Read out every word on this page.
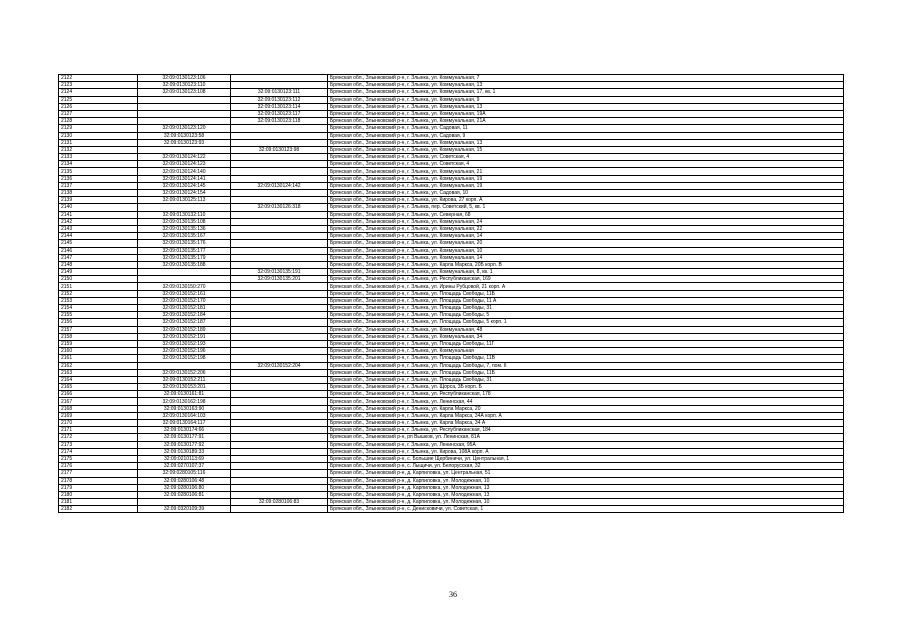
2122	32:09:0130123:106		Брянская обл., Злынковский р-н, г. Злынка, ул. Коммунальная, 7
2123	32:09:0130123:110		Брянская обл., Злынковский р-н, г. Злынка, ул. Коммунальная, 13
2124	32:09:0130123:108	32:09:0130123:111	Брянская обл., Злынковский р-н, г. Злынка, ул. Коммунальная, 17, кв. 1
2125		32:09:0130123:112	Брянская обл., Злынковский р-н, г. Злынка, ул. Коммунальная, 9
2126		32:09:0130123:114	Брянская обл., Злынковский р-н, г. Злынка, ул. Коммунальная, 13
2127		32:09:0130123:117	Брянская обл., Злынковский р-н, г. Злынка, ул. Коммунальная, 19А
2128		32:09:0130123:118	Брянская обл., Злынковский р-н, г. Злынка, ул. Коммунальная, 21А
2129	32:09:0130123:120		Брянская обл., Злынковский р-н, г. Злынка, ул. Садовая, 11
2130	32:09:0130123:58		Брянская обл., Злынковский р-н, г. Злынка, ул. Садовая, 9
2131	32:09:0130123:93		Брянская обл., Злынковский р-н, г. Злынка, ул. Коммунальная, 13
2132		32:09:0130123:98	Брянская обл., Злынковский р-н, г. Злынка, ул. Коммунальная, 15
2133	32:09:0130124:122		Брянская обл., Злынковский р-н, г. Злынка, ул. Советская, 4
2134	32:09:0130124:123		Брянская обл., Злынковский р-н, г. Злынка, ул. Советская, 4
2135	32:09:0130124:140		Брянская обл., Злынковский р-н, г. Злынка, ул. Коммунальная, 21
2136	32:09:0130124:141		Брянская обл., Злынковский р-н, г. Злынка, ул. Коммунальная, 19
2137	32:09:0130124:145	32:09:0130124:142	Брянская обл., Злынковский р-н, г. Злынка, ул. Коммунальная, 19
2138	32:09:0130124:154		Брянская обл., Злынковский р-н, г. Злынка, ул. Садовая, 10
2139	32:09:0130125:113		Брянская обл., Злынковский р-н, г. Злынка, ул. Кирова, 27 корп. А
2140		32:09:0130126:318	Брянская обл., Злынковский р-н, г. Злынка, пер. Советский, 5, кв. 1
2141	32:09:0130132:110		Брянская обл., Злынковский р-н, г. Злынка, ул. Северная, 68
2142	32:09:0130135:108		Брянская обл., Злынковский р-н, г. Злынка, ул. Коммунальная, 24
2143	32:09:0130135:136		Брянская обл., Злынковский р-н, г. Злынка, ул. Коммунальная, 22
2144	32:09:0130135:167		Брянская обл., Злынковский р-н, г. Злынка, ул. Коммунальная, 14
2145	32:09:0130135:176		Брянская обл., Злынковский р-н, г. Злынка, ул. Коммунальная, 20
2146	32:09:0130135:177		Брянская обл., Злынковский р-н, г. Злынка, ул. Коммунальная, 10
2147	32:09:0130135:179		Брянская обл., Злынковский р-н, г. Злынка, ул. Коммунальная, 14
2148	32:09:0130135:188		Брянская обл., Злынковский р-н, г. Злынка, ул. Карла Маркса, 20Б корп. В
2149		32:09:0130135:191	Брянская обл., Злынковский р-н, г. Злынка, ул. Коммунальная, 8, кв. 1
2150		32:09:0130135:201	Брянская обл., Злынковский р-н, г. Злынка, ул. Республиканская, 169
2151	32:09:0130150:270		Брянская обл., Злынковский р-н, г. Злынка, ул. Ирины Рубцовой, 21 корп. А
2152	32:09:0130152:161		Брянская обл., Злынковский р-н, г. Злынка, ул. Площадь Свободы, 11Б
2153	32:09:0130152:170		Брянская обл., Злынковский р-н, г. Злынка, ул. Площадь Свободы, 11 А
2154	32:09:0130152:181		Брянская обл., Злынковский р-н, г. Злынка, ул. Площадь Свободы, 31
2155	32:09:0130152:184		Брянская обл., Злынковский р-н, г. Злынка, ул. Площадь Свободы, 5
2156	32:09:0130152:187		Брянская обл., Злынковский р-н, г. Злынка, ул. Площадь Свободы, 5 корп. 1
2157	32:09:0130152:189		Брянская обл., Злынковский р-н, г. Злынка, ул. Коммунальная, 48
2158	32:09:0130152:191		Брянская обл., Злынковский р-н, г. Злынка, ул. Коммунальная, 34
2159	32:09:0130152:193		Брянская обл., Злынковский р-н, г. Злынка, ул. Площадь Свободы, 11Г
2160	32:09:0130152:196		Брянская обл., Злынковский р-н, г. Злынка, ул. Коммунальная
2161	32:09:0130152:198		Брянская обл., Злынковский р-н, г. Злынка, ул. Площадь Свободы, 11В
2162		32:09:0130152:204	Брянская обл., Злынковский р-н, г. Злынка, ул. Площадь Свободы, 7, пом. II
2163	32:09:0130152:206		Брянская обл., Злынковский р-н, г. Злынка, ул. Площадь Свободы, 11Б
2164	32:09:0130152:211		Брянская обл., Злынковский р-н, г. Злынка, ул. Площадь Свободы, 31
2165	32:09:0130153:201		Брянская обл., Злынковский р-н, г. Злынка, ул. Щорса, 3Б корп. Б
2166	32:09:0130161:81		Брянская обл., Злынковский р-н, г. Злынка, ул. Республиканская, 178
2167	32:09:0130162:198		Брянская обл., Злынковский р-н, г. Злынка, ул. Ленинская, 44
2168	32:09:0130163:90		Брянская обл., Злынковский р-н, г. Злынка, ул. Карла Маркса, 20
2169	32:09:0130164:103		Брянская обл., Злынковский р-н, г. Злынка, ул. Карла Маркса, 34А корп. А
2170	32:09:0130164:117		Брянская обл., Злынковский р-н, г. Злынка, ул. Карла Маркса, 34 А
2171	32:09:0130174:66		Брянская обл., Злынковский р-н, г. Злынка, ул. Республиканская, 184
2172	32:09:0130177:91		Брянская обл., Злынковский р-н, рп Вышков, ул. Ленинская, 81А
2173	32:09:0130177:92		Брянская обл., Злынковский р-н, г. Злынка, ул. Ленинская, 95А
2174	32:09:0130189:33		Брянская обл., Злынковский р-н, г. Злынка, ул. Кирова, 108А корп. А
2175	32:09:0210113:69		Брянская обл., Злынковский р-н, с. Большие Щербиничи, ул. Центральная, 1
2176	32:09:0270107:37		Брянская обл., Злынковский р-н, с. Лыщичи, ул. Белорусская, 32
2177	32:09:0280105:116		Брянская обл., Злынковский р-н, д. Карпиловка, ул. Центральная, 51
2178	32:09:0280106:48		Брянская обл., Злынковский р-н, д. Карпиловка, ул. Молодежная, 10
2179	32:09:0280106:80		Брянская обл., Злынковский р-н, д. Карпиловка, ул. Молодежная, 13
2180	32:09:0280106:81		Брянская обл., Злынковский р-н, д. Карпиловка, ул. Молодежная, 13
2181		32:09:0280106:83	Брянская обл., Злынковский р-н, д. Карпиловка, ул. Молодежная, 10
2182	32:09:0320109:39		Брянская обл., Злынковский р-н, с. Денисковичи, ул. Советская, 1
36
